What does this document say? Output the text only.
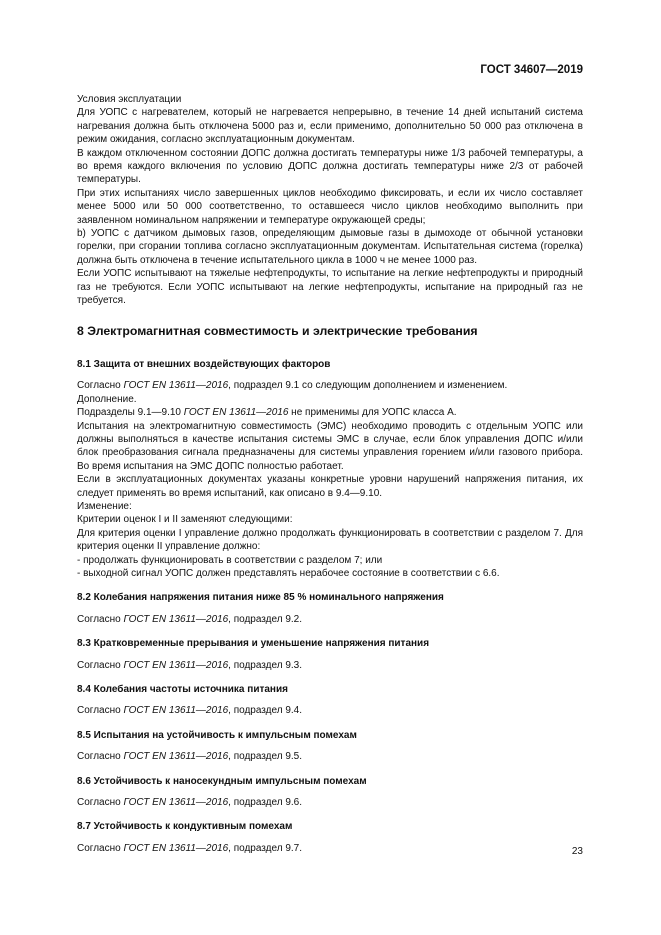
ГОСТ 34607—2019

Условия эксплуатации

Для УОПС с нагревателем, который не нагревается непрерывно, в течение 14 дней испытаний система нагревания должна быть отключена 5000 раз и, если применимо, дополнительно 50 000 раз отключена в режим ожидания, согласно эксплуатационным документам.

В каждом отключенном состоянии ДОПС должна достигать температуры ниже 1/3 рабочей температуры, а во время каждого включения по условию ДОПС должна достигать температуры ниже 2/3 от рабочей температуры.

При этих испытаниях число завершенных циклов необходимо фиксировать, и если их число составляет менее 5000 или 50 000 соответственно, то оставшееся число циклов необходимо выполнить при заявленном номинальном напряжении и температуре окружающей среды;

b) УОПС с датчиком дымовых газов, определяющим дымовые газы в дымоходе от обычной установки горелки, при сгорании топлива согласно эксплуатационным документам. Испытательная система (горелка) должна быть отключена в течение испытательного цикла в 1000 ч не менее 1000 раз.

Если УОПС испытывают на тяжелые нефтепродукты, то испытание на легкие нефтепродукты и природный газ не требуются. Если УОПС испытывают на легкие нефтепродукты, испытание на природный газ не требуется.

8 Электромагнитная совместимость и электрические требования
8.1 Защита от внешних воздействующих факторов

Согласно ГОСТ EN 13611—2016, подраздел 9.1 со следующим дополнением и изменением.

Дополнение.

Подразделы 9.1—9.10 ГОСТ EN 13611—2016 не применимы для УОПС класса А.

Испытания на электромагнитную совместимость (ЭМС) необходимо проводить с отдельным УОПС или должны выполняться в качестве испытания системы ЭМС в случае, если блок управления ДОПС и/или блок преобразования сигнала предназначены для системы управления горением и/или газового прибора. Во время испытания на ЭМС ДОПС полностью работает.

Если в эксплуатационных документах указаны конкретные уровни нарушений напряжения питания, их следует применять во время испытаний, как описано в 9.4—9.10.

Изменение:

Критерии оценок I и II заменяют следующими:

Для критерия оценки I управление должно продолжать функционировать в соответствии с разделом 7. Для критерия оценки II управление должно:

- продолжать функционировать в соответствии с разделом 7; или

- выходной сигнал УОПС должен представлять нерабочее состояние в соответствии с 6.6.

8.2 Колебания напряжения питания ниже 85 % номинального напряжения

Согласно ГОСТ EN 13611—2016, подраздел 9.2.

8.3 Кратковременные прерывания и уменьшение напряжения питания

Согласно ГОСТ EN 13611—2016, подраздел 9.3.

8.4 Колебания частоты источника питания

Согласно ГОСТ EN 13611—2016, подраздел 9.4.

8.5 Испытания на устойчивость к импульсным помехам

Согласно ГОСТ EN 13611—2016, подраздел 9.5.

8.6 Устойчивость к наносекундным импульсным помехам

Согласно ГОСТ EN 13611—2016, подраздел 9.6.

8.7 Устойчивость к кондуктивным помехам

Согласно ГОСТ EN 13611—2016, подраздел 9.7.	23
